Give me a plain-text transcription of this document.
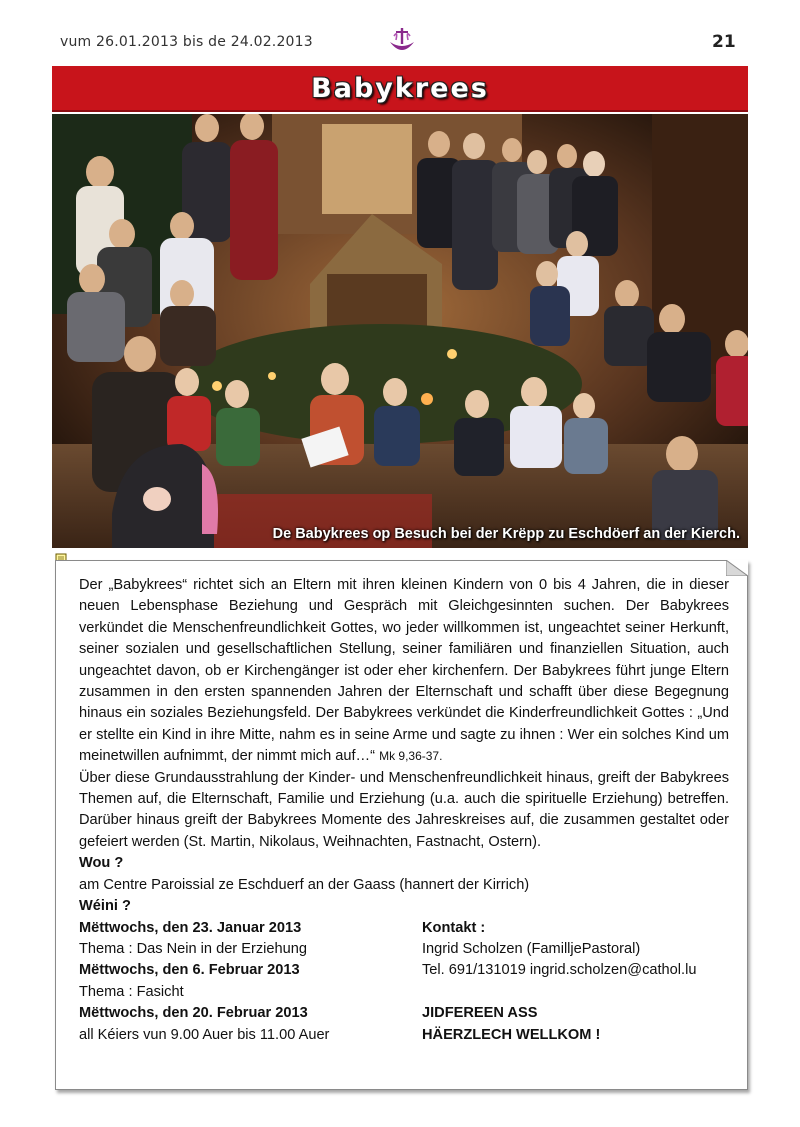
vum 26.01.2013 bis de 24.02.2013	21
Babykrees
De Babykrees op Besuch bei der Krëpp zu Eschdöerf an der Kierch.

Der „Babykrees“ richtet sich an Eltern mit ihren kleinen Kindern von 0 bis 4 Jahren, die in dieser neuen Lebensphase Beziehung und Gespräch mit Gleichgesinnten suchen. Der Babykrees verkündet die Menschenfreundlichkeit Gottes, wo jeder willkommen ist, ungeachtet seiner Herkunft, seiner sozialen und gesellschaftlichen Stellung, seiner familiären und finanziellen Situation, auch ungeachtet davon, ob er Kirchengänger ist oder eher kirchenfern. Der Babykrees führt junge Eltern zusammen in den ersten spannenden Jahren der Elternschaft und schafft über diese Begegnung hinaus ein soziales Beziehungsfeld. Der Babykrees verkündet die Kinderfreundlichkeit Gottes : „Und er stellte ein Kind in ihre Mitte, nahm es in seine Arme und sagte zu ihnen : Wer ein solches Kind um meinetwillen aufnimmt, der nimmt mich auf…“ Mk 9,36-37.

Über diese Grundausstrahlung der Kinder- und Menschenfreundlichkeit hinaus, greift der Babykrees Themen auf, die Elternschaft, Familie und Erziehung (u.a. auch die spirituelle Erziehung) betreffen. Darüber hinaus greift der Babykrees Momente des Jahreskreises auf, die zusammen gestaltet oder gefeiert werden (St. Martin, Nikolaus, Weihnachten, Fastnacht, Ostern).

Wou ?
am Centre Paroissial ze Eschduerf an der Gaass (hannert der Kirrich)
Wéini ?
Mëttwochs, den 23. Januar 2013	Kontakt :
Thema : Das Nein in der Erziehung	Ingrid Scholzen (FamilljePastoral)
Mëttwochs, den 6. Februar 2013	Tel. 691/131019 ingrid.scholzen@cathol.lu
Thema : Fasicht
Mëttwochs, den 20. Februar 2013	JIDFEREEN ASS
all Kéiers vun 9.00 Auer bis 11.00 Auer	HÄERZLECH WELLKOM !
